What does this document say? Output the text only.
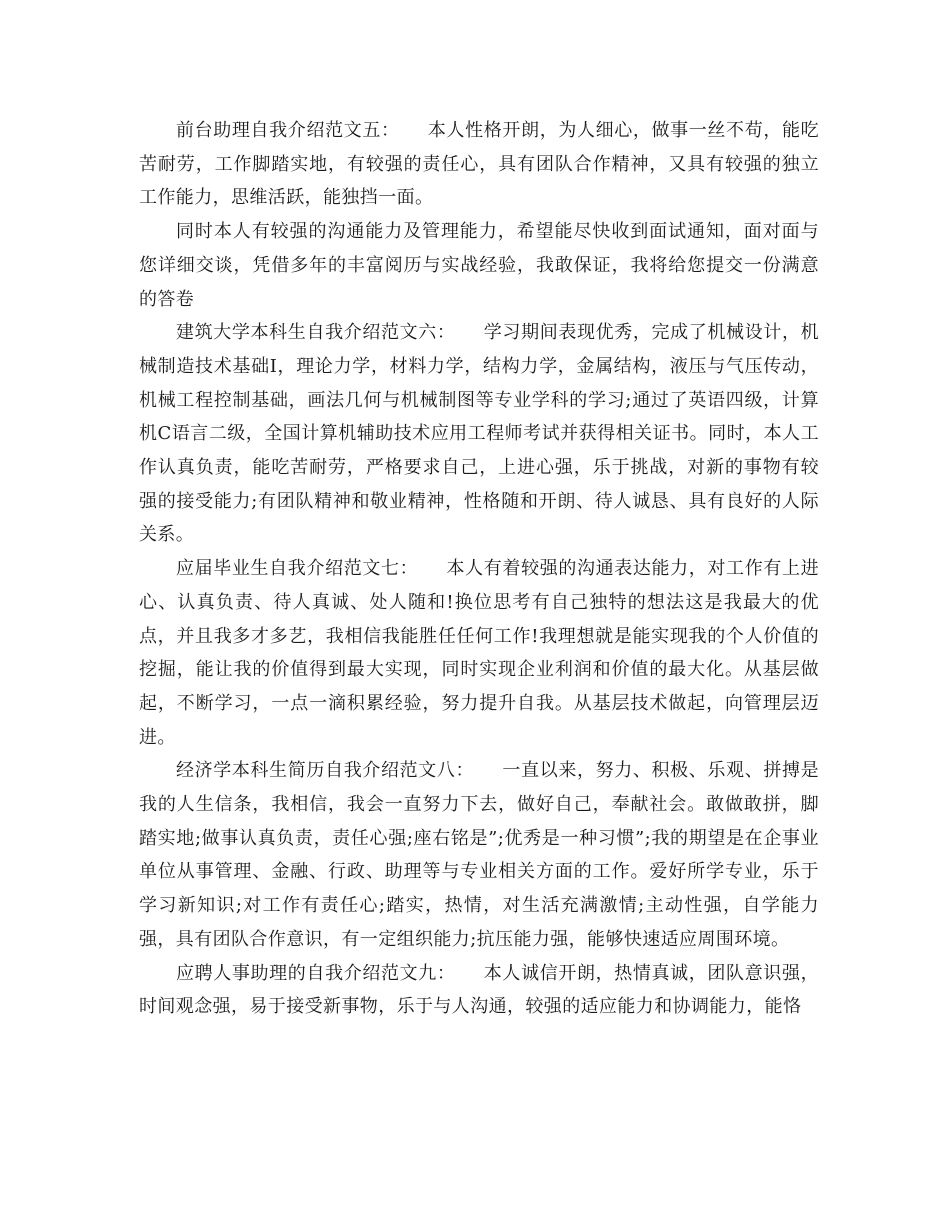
前台助理自我介绍范文五：　　本人性格开朗，为人细心，做事一丝不苟，能吃苦耐劳，工作脚踏实地，有较强的责任心，具有团队合作精神，又具有较强的独立工作能力，思维活跃，能独挡一面。

同时本人有较强的沟通能力及管理能力，希望能尽快收到面试通知，面对面与您详细交谈，凭借多年的丰富阅历与实战经验，我敢保证，我将给您提交一份满意的答卷

建筑大学本科生自我介绍范文六：　　学习期间表现优秀，完成了机械设计，机械制造技术基础Ⅰ，理论力学，材料力学，结构力学，金属结构，液压与气压传动，机械工程控制基础，画法几何与机械制图等专业学科的学习;通过了英语四级，计算机C语言二级，全国计算机辅助技术应用工程师考试并获得相关证书。同时，本人工作认真负责，能吃苦耐劳，严格要求自己，上进心强，乐于挑战，对新的事物有较强的接受能力;有团队精神和敬业精神，性格随和开朗、待人诚恳、具有良好的人际关系。

应届毕业生自我介绍范文七：　　本人有着较强的沟通表达能力，对工作有上进心、认真负责、待人真诚、处人随和!换位思考有自己独特的想法这是我最大的优点，并且我多才多艺，我相信我能胜任任何工作!我理想就是能实现我的个人价值的挖掘，能让我的价值得到最大实现，同时实现企业利润和价值的最大化。从基层做起，不断学习，一点一滴积累经验，努力提升自我。从基层技术做起，向管理层迈进。

经济学本科生简历自我介绍范文八：　　一直以来，努力、积极、乐观、拼搏是我的人生信条，我相信，我会一直努力下去，做好自己，奉献社会。敢做敢拼，脚踏实地;做事认真负责，责任心强;座右铭是”;优秀是一种习惯”;我的期望是在企事业单位从事管理、金融、行政、助理等与专业相关方面的工作。爱好所学专业，乐于学习新知识;对工作有责任心;踏实，热情，对生活充满激情;主动性强，自学能力强，具有团队合作意识，有一定组织能力;抗压能力强，能够快速适应周围环境。

应聘人事助理的自我介绍范文九：　　本人诚信开朗，热情真诚，团队意识强，时间观念强，易于接受新事物，乐于与人沟通，较强的适应能力和协调能力，能恪
